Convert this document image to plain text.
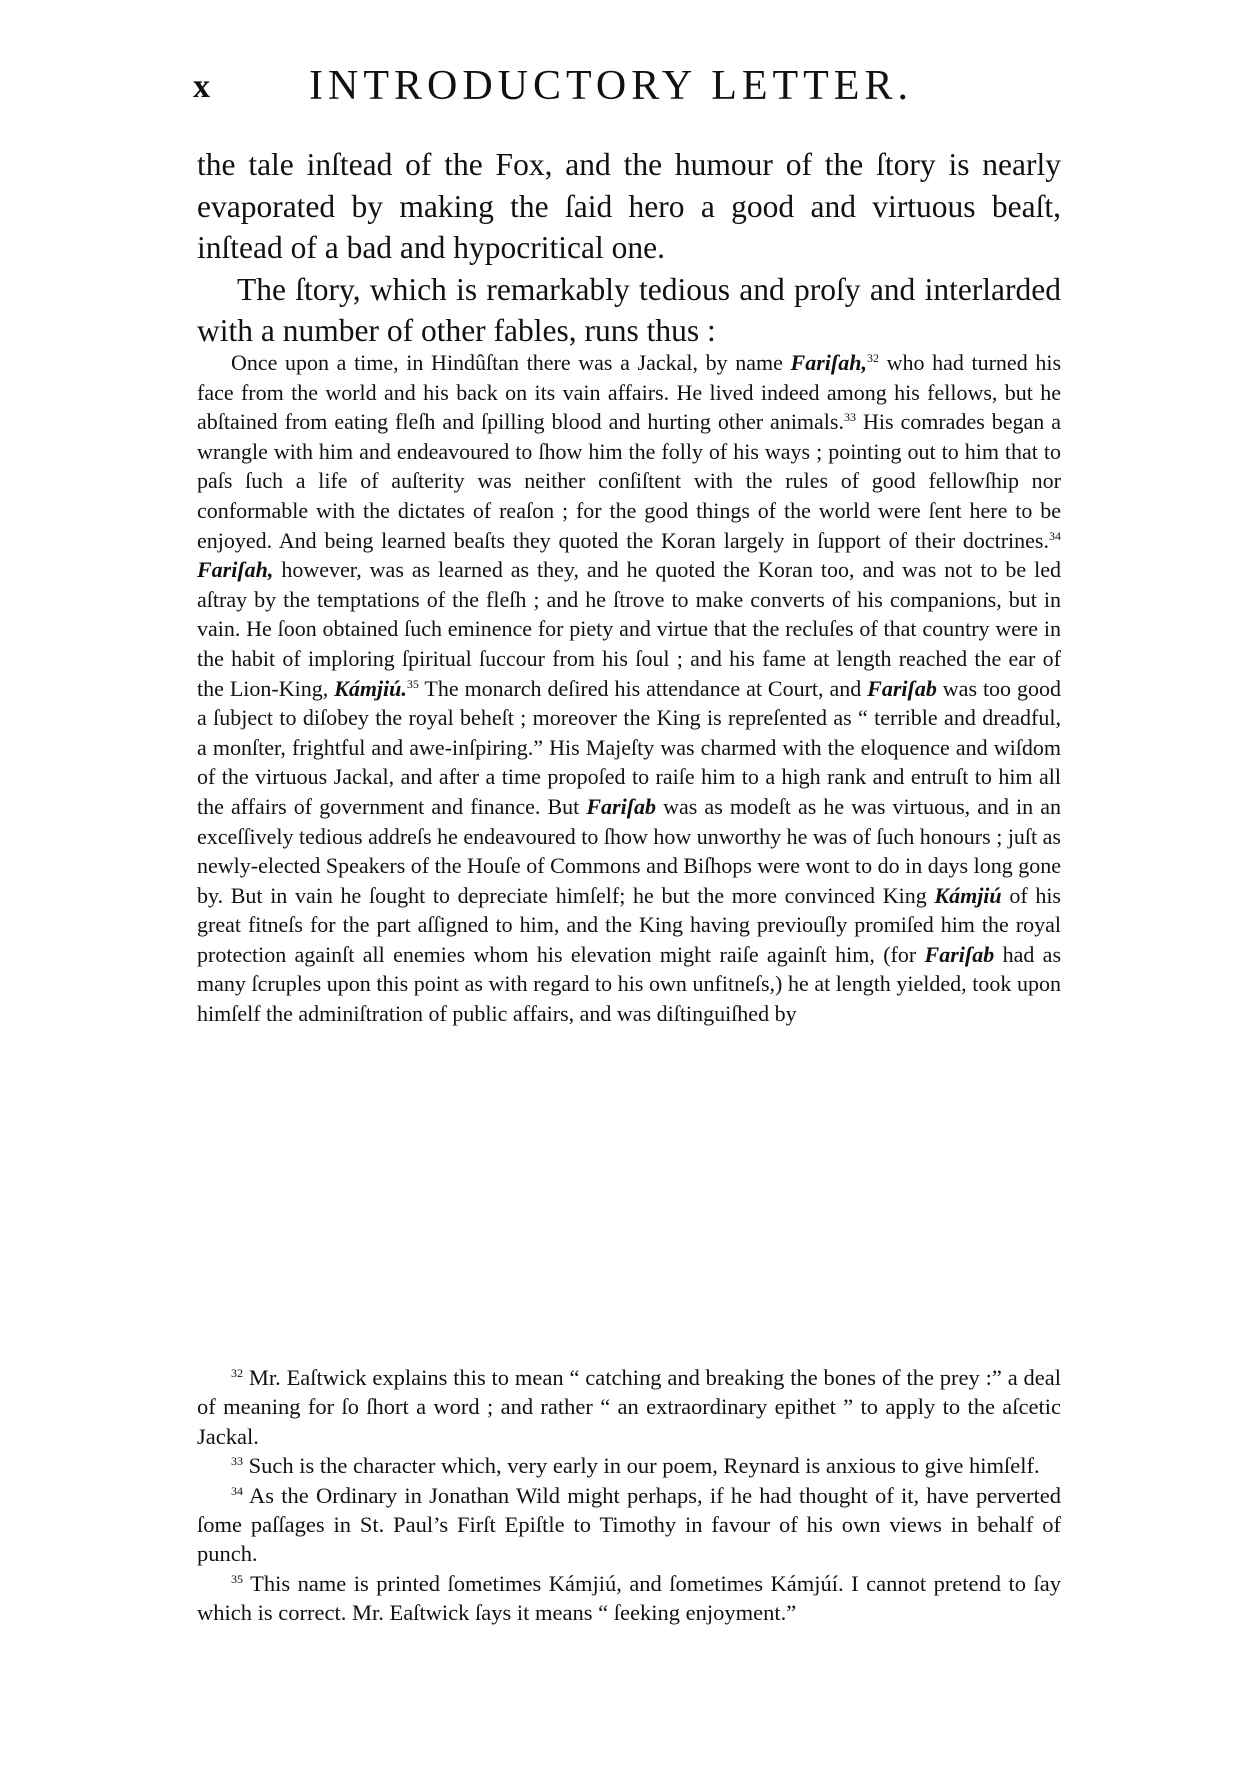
x INTRODUCTORY LETTER.

the tale inſtead of the Fox, and the humour of the ſtory is nearly evaporated by making the ſaid hero a good and virtuous beaſt, inſtead of a bad and hypocritical one.

The ſtory, which is remarkably tedious and proſy and interlarded with a number of other fables, runs thus :

Once upon a time, in Hindûſtan there was a Jackal, by name Fariſah,$^{32}$ who had turned his face from the world and his back on its vain affairs. He lived indeed among his fellows, but he abſtained from eating fleſh and ſpilling blood and hurting other animals.$^{33}$ His comrades began a wrangle with him and endeavoured to ſhow him the folly of his ways ; pointing out to him that to paſs ſuch a life of auſterity was neither conſiſtent with the rules of good fellowſhip nor conformable with the dictates of reaſon ; for the good things of the world were ſent here to be enjoyed. And being learned beaſts they quoted the Koran largely in ſupport of their doctrines.$^{34}$ Fariſah, however, was as learned as they, and he quoted the Koran too, and was not to be led aſtray by the temptations of the fleſh ; and he ſtrove to make converts of his companions, but in vain. He ſoon obtained ſuch eminence for piety and virtue that the recluſes of that country were in the habit of imploring ſpiritual ſuccour from his ſoul ; and his fame at length reached the ear of the Lion-King, Kámjiú.$^{35}$ The monarch deſired his attendance at Court, and Fariſab was too good a ſubject to diſobey the royal beheſt ; moreover the King is repreſented as “ terrible and dreadful, a monſter, frightful and awe-inſpiring.” His Majeſty was charmed with the eloquence and wiſdom of the virtuous Jackal, and after a time propoſed to raiſe him to a high rank and entruſt to him all the affairs of government and finance. But Fariſab was as modeſt as he was virtuous, and in an exceſſively tedious addreſs he endeavoured to ſhow how unworthy he was of ſuch honours ; juſt as newly-elected Speakers of the Houſe of Commons and Biſhops were wont to do in days long gone by. But in vain he ſought to depreciate himſelf; he but the more convinced King Kámjiú of his great fitneſs for the part aſſigned to him, and the King having previouſly promiſed him the royal protection againſt all enemies whom his elevation might raiſe againſt him, (for Fariſab had as many ſcruples upon this point as with regard to his own unfitneſs,) he at length yielded, took upon himſelf the adminiſtration of public affairs, and was diſtinguiſhed by

$^{32}$ Mr. Eaſtwick explains this to mean “ catching and breaking the bones of the prey :” a deal of meaning for ſo ſhort a word ; and rather “ an extraordinary epithet ” to apply to the aſcetic Jackal.

$^{33}$ Such is the character which, very early in our poem, Reynard is anxious to give himſelf.

$^{34}$ As the Ordinary in Jonathan Wild might perhaps, if he had thought of it, have perverted ſome paſſages in St. Paul’s Firſt Epiſtle to Timothy in favour of his own views in behalf of punch.

$^{35}$ This name is printed ſometimes Kámjiú, and ſometimes Kámjúí. I cannot pretend to ſay which is correct. Mr. Eaſtwick ſays it means “ ſeeking enjoyment.”
